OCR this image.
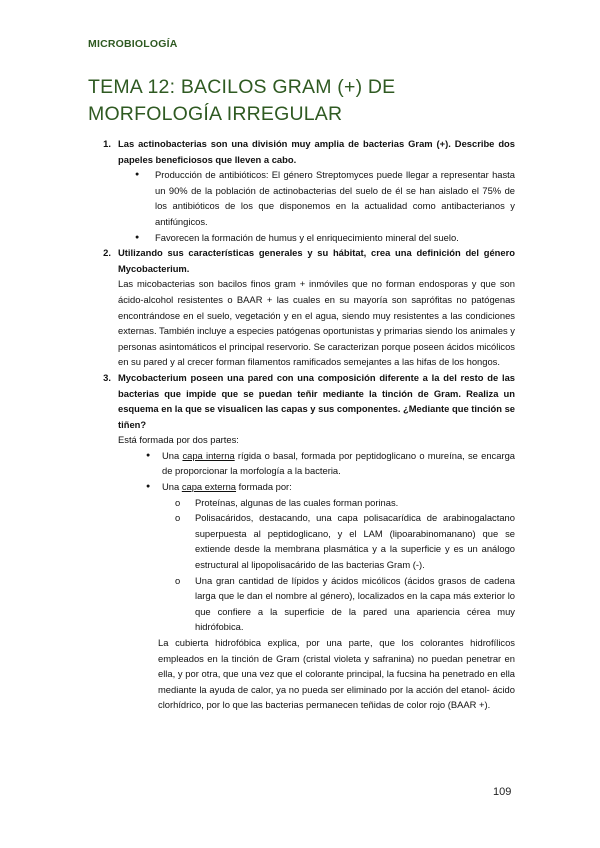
MICROBIOLOGÍA
TEMA 12: BACILOS GRAM (+) DE MORFOLOGÍA IRREGULAR
1. Las actinobacterias son una división muy amplia de bacterias Gram (+). Describe dos papeles beneficiosos que lleven a cabo.
●	Producción de antibióticos: El género Streptomyces puede llegar a representar hasta un 90% de la población de actinobacterias del suelo de él se han aislado el 75% de los antibióticos de los que disponemos en la actualidad como antibacterianos y antifúngicos.
●	Favorecen la formación de humus y el enriquecimiento mineral del suelo.
2. Utilizando sus características generales y su hábitat, crea una definición del género Mycobacterium.
Las micobacterias son bacilos finos gram + inmóviles que no forman endosporas y que son ácido-alcohol resistentes o BAAR + las cuales en su mayoría son saprófitas no patógenas encontrándose en el suelo, vegetación y en el agua, siendo muy resistentes a las condiciones externas. También incluye a especies patógenas oportunistas y primarias siendo los animales y personas asintomáticos el principal reservorio. Se caracterizan porque poseen ácidos micólicos en su pared y al crecer forman filamentos ramificados semejantes a las hifas de los hongos.
3. Mycobacterium poseen una pared con una composición diferente a la del resto de las bacterias que impide que se puedan teñir mediante la tinción de Gram. Realiza un esquema en la que se visualicen las capas y sus componentes. ¿Mediante que tinción se tiñen?
Está formada por dos partes:
●	Una capa interna rígida o basal, formada por peptidoglicano o mureína, se encarga de proporcionar la morfología a la bacteria.
●	Una capa externa formada por:
o	Proteínas, algunas de las cuales forman porinas.
o	Polisacáridos, destacando, una capa polisacarídica de arabinogalactano superpuesta al peptidoglicano, y el LAM (lipoarabinomanano) que se extiende desde la membrana plasmática y a la superficie y es un análogo estructural al lipopolisacárido de las bacterias Gram (-).
o	Una gran cantidad de lípidos y ácidos micólicos (ácidos grasos de cadena larga que le dan el nombre al género), localizados en la capa más exterior lo que confiere a la superficie de la pared una apariencia cérea muy hidrófobica.
La cubierta hidrofóbica explica, por una parte, que los colorantes hidrofílicos empleados en la tinción de Gram (cristal violeta y safranina) no puedan penetrar en ella, y por otra, que una vez que el colorante principal, la fucsina ha penetrado en ella mediante la ayuda de calor, ya no pueda ser eliminado por la acción del etanol- ácido clorhídrico, por lo que las bacterias permanecen teñidas de color rojo (BAAR +).
109
